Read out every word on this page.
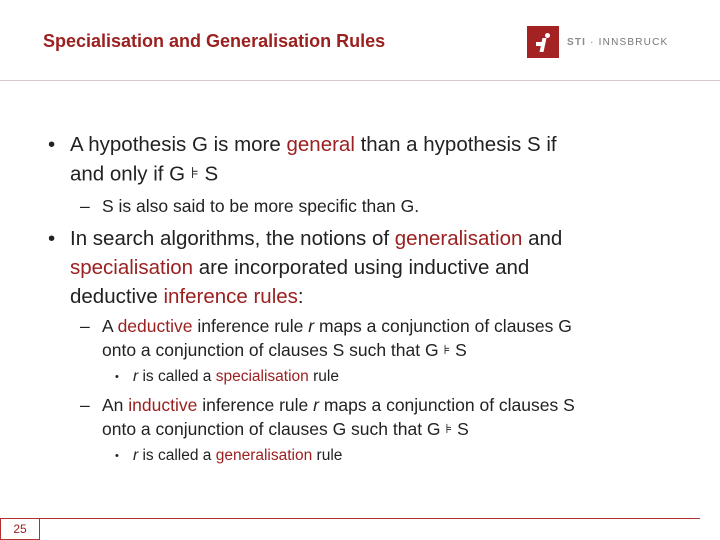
Specialisation and Generalisation Rules	STI · INNSBRUCK
• A hypothesis G is more general than a hypothesis S if
and only if G ⊧ S
– S is also said to be more specific than G.
• In search algorithms, the notions of generalisation and
specialisation are incorporated using inductive and
deductive inference rules:
– A deductive inference rule r maps a conjunction of clauses G
onto a conjunction of clauses S such that G ⊧ S
• r is called a specialisation rule
– An inductive inference rule r maps a conjunction of clauses S
onto a conjunction of clauses G such that G ⊧ S
• r is called a generalisation rule
25
